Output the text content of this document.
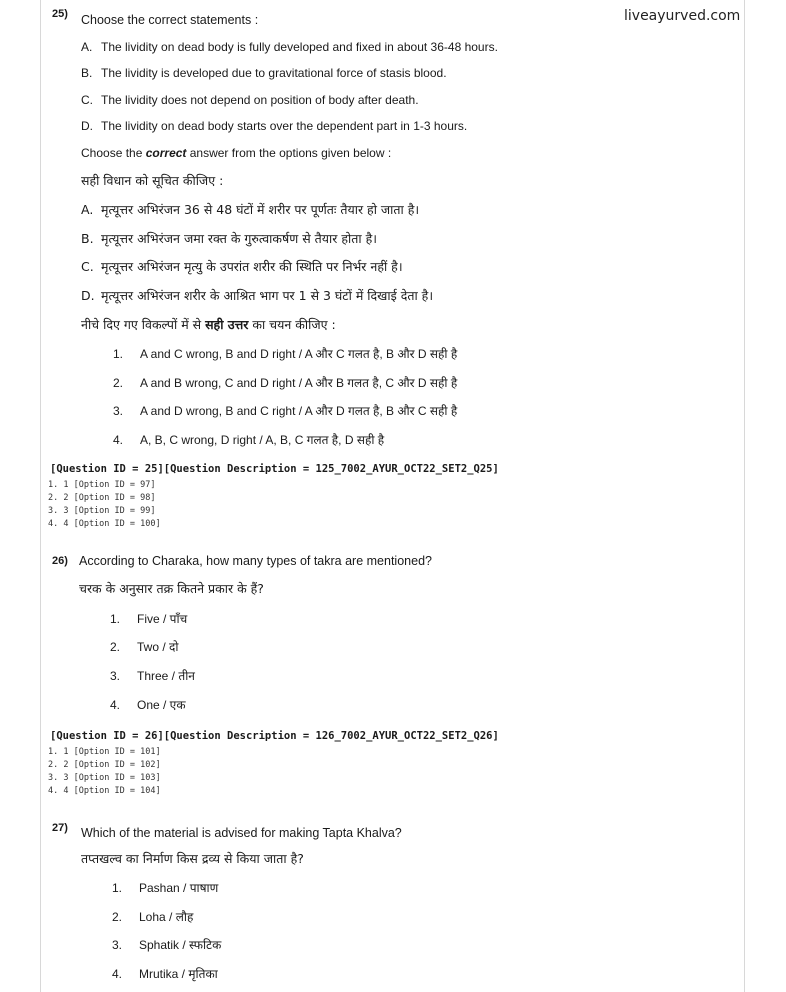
liveayurved.com
25) Choose the correct statements :
A. The lividity on dead body is fully developed and fixed in about 36-48 hours.
B. The lividity is developed due to gravitational force of stasis blood.
C. The lividity does not depend on position of body after death.
D. The lividity on dead body starts over the dependent part in 1-3 hours.
Choose the correct answer from the options given below :
सही विधान को सूचित कीजिए :
A. मृत्यूत्तर अभिरंजन 36 से 48 घंटों में शरीर पर पूर्णतः तैयार हो जाता है।
B. मृत्यूत्तर अभिरंजन जमा रक्त के गुरुत्वाकर्षण से तैयार होता है।
C. मृत्यूत्तर अभिरंजन मृत्यु के उपरांत शरीर की स्थिति पर निर्भर नहीं है।
D. मृत्यूत्तर अभिरंजन शरीर के आश्रित भाग पर 1 से 3 घंटों में दिखाई देता है।
नीचे दिए गए विकल्पों में से सही उत्तर का चयन कीजिए :
1. A and C wrong, B and D right / A और C गलत है, B और D सही है
2. A and B wrong, C and D right / A और B गलत है, C और D सही है
3. A and D wrong, B and C right / A और D गलत है, B और C सही है
4. A, B, C wrong, D right / A, B, C गलत है, D सही है
[Question ID = 25][Question Description = 125_7002_AYUR_OCT22_SET2_Q25]
1. 1 [Option ID = 97]
2. 2 [Option ID = 98]
3. 3 [Option ID = 99]
4. 4 [Option ID = 100]
26) According to Charaka, how many types of takra are mentioned?
चरक के अनुसार तक्र कितने प्रकार के हैं?
1. Five / पाँच
2. Two / दो
3. Three / तीन
4. One / एक
[Question ID = 26][Question Description = 126_7002_AYUR_OCT22_SET2_Q26]
1. 1 [Option ID = 101]
2. 2 [Option ID = 102]
3. 3 [Option ID = 103]
4. 4 [Option ID = 104]
27) Which of the material is advised for making Tapta Khalva?
तप्तखल्व का निर्माण किस द्रव्य से किया जाता है?
1. Pashan / पाषाण
2. Loha / लौह
3. Sphatik / स्फटिक
4. Mrutika / मृतिका
